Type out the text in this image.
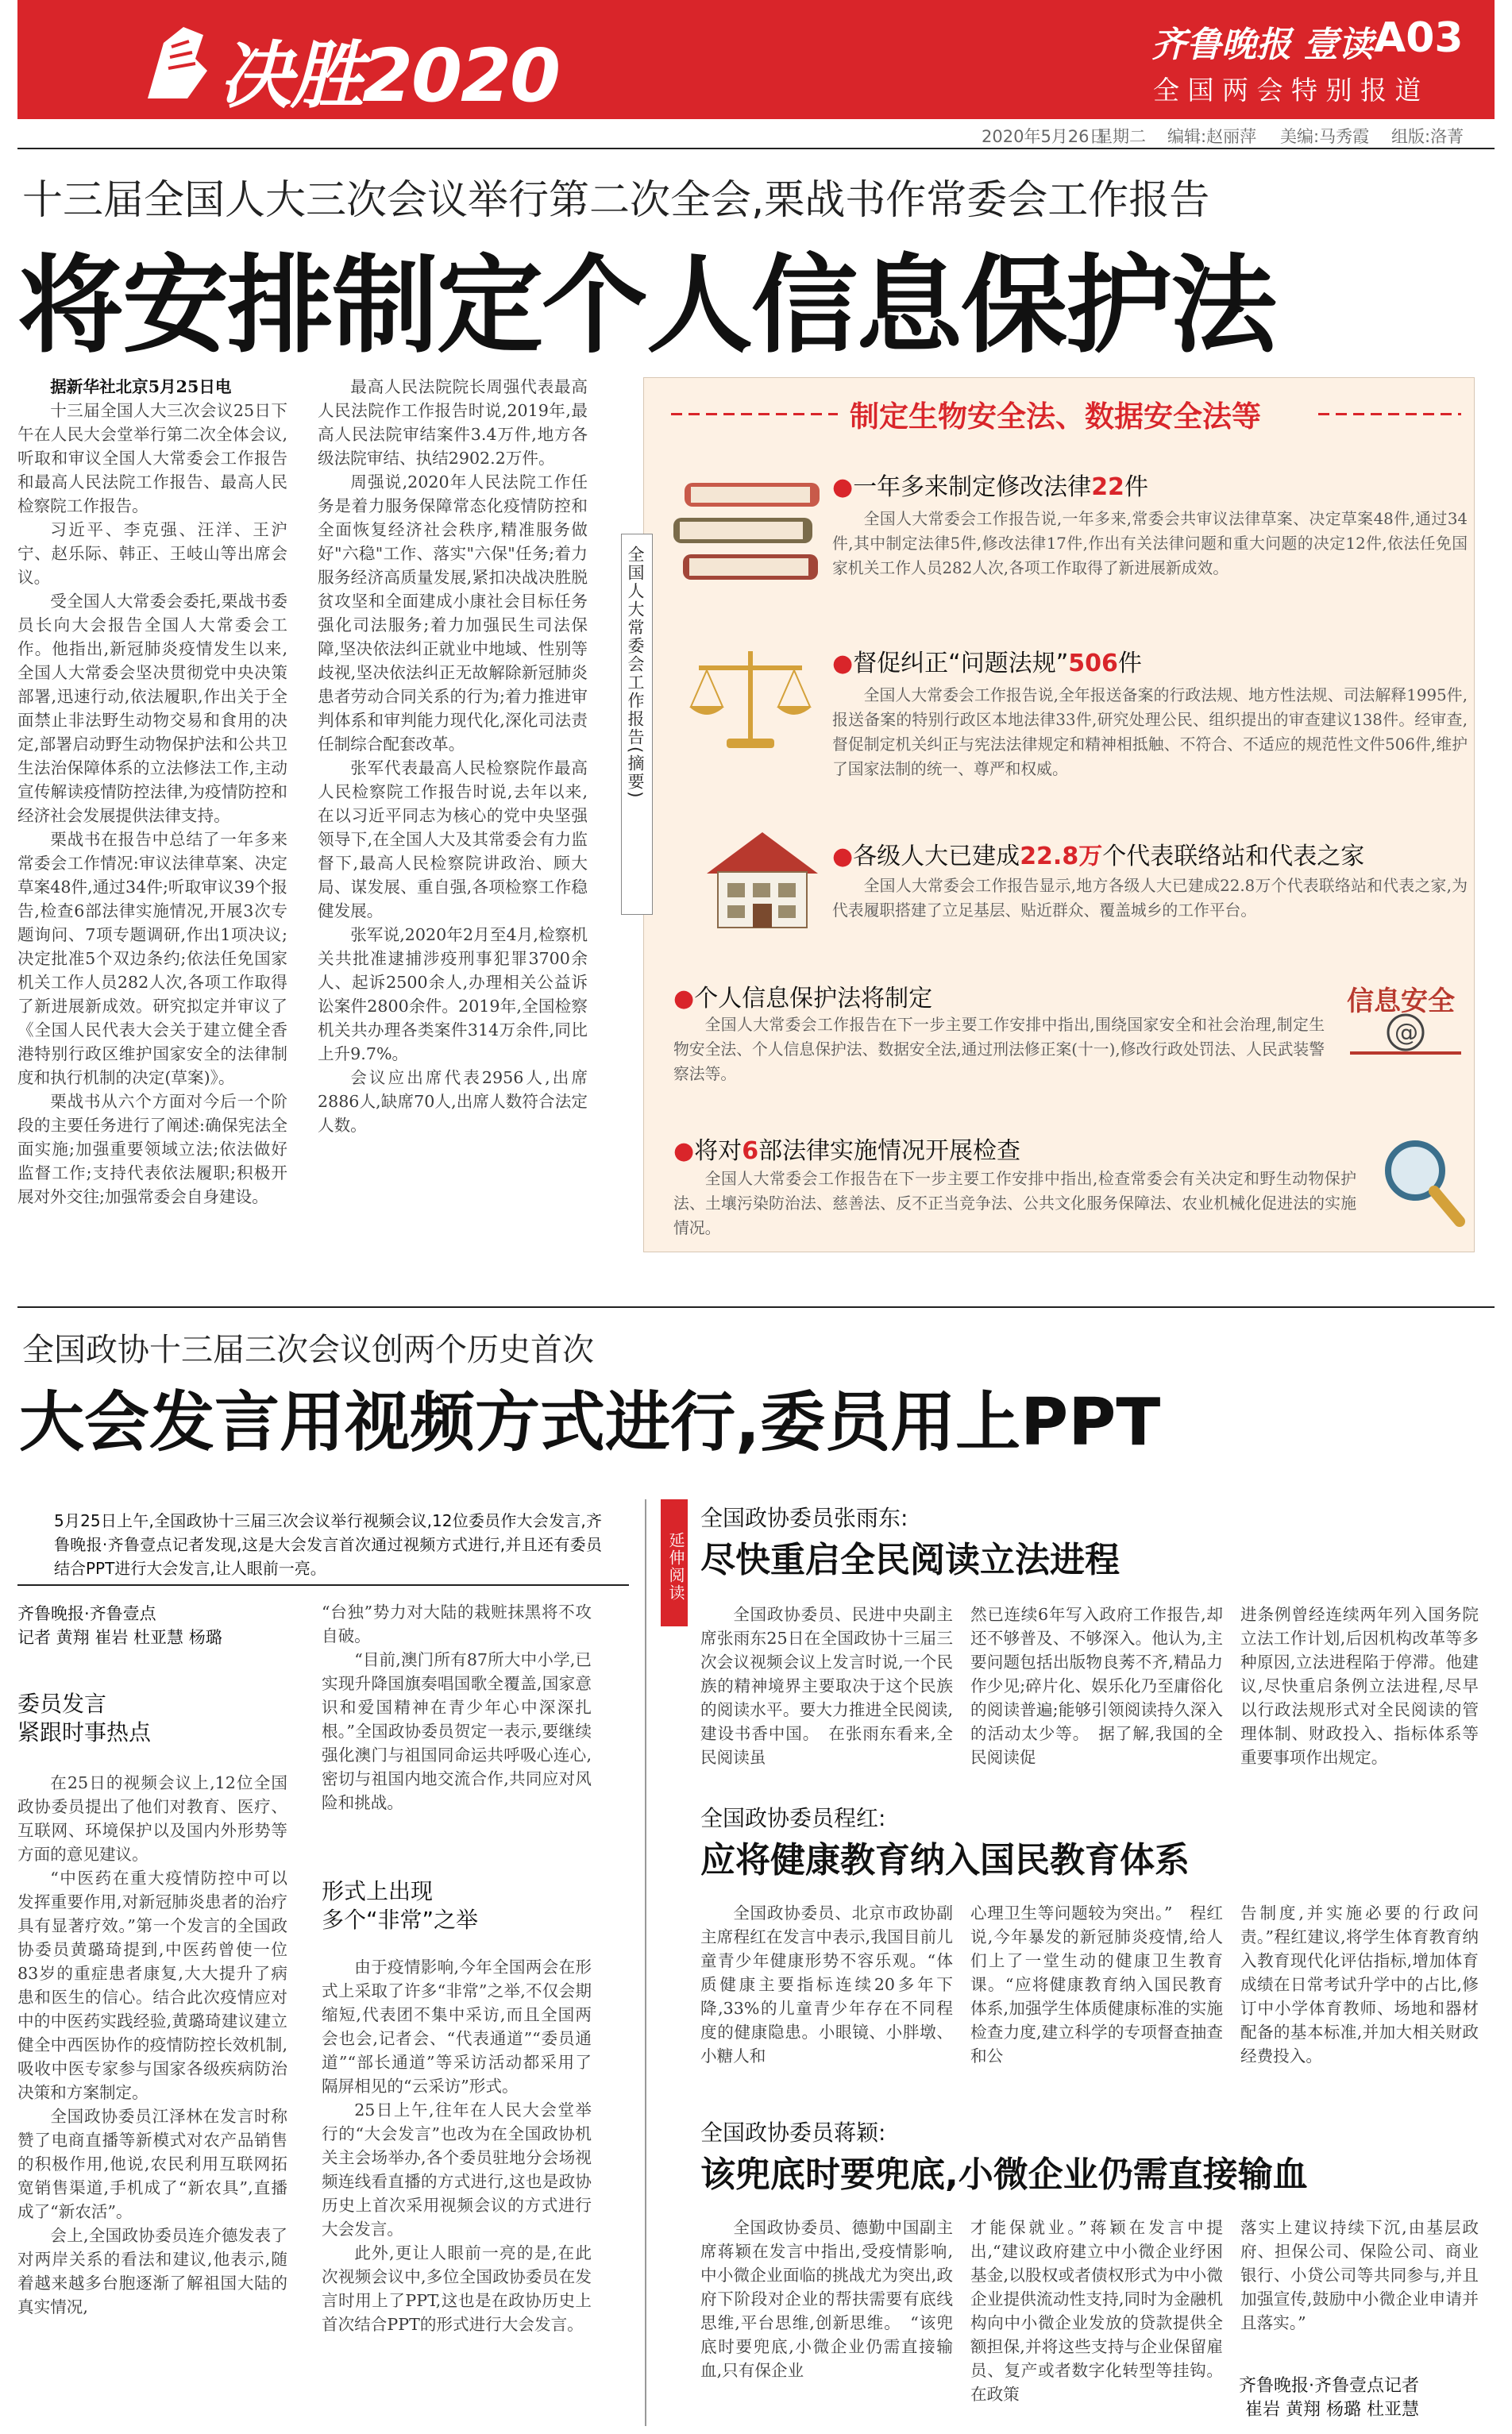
决胜2020	齐鲁晚报 壹读 A03
全 国 两 会 特 别 报 道
2020年5月26日
星期二 编辑:赵丽萍 美编:马秀霞 组版:洛菁
十三届全国人大三次会议举行第二次全会,栗战书作常委会工作报告
将安排制定个人信息保护法
据新华社北京5月25日电

十三届全国人大三次会议25日下午在人民大会堂举行第二次全体会议,听取和审议全国人大常委会工作报告和最高人民法院工作报告、最高人民检察院工作报告。

习近平、李克强、汪洋、王沪宁、赵乐际、韩正、王岐山等出席会议。

受全国人大常委会委托,栗战书委员长向大会报告全国人大常委会工作。他指出,新冠肺炎疫情发生以来,全国人大常委会坚决贯彻党中央决策部署,迅速行动,依法履职,作出关于全面禁止非法野生动物交易和食用的决定,部署启动野生动物保护法和公共卫生法治保障体系的立法修法工作,主动宣传解读疫情防控法律,为疫情防控和经济社会发展提供法律支持。

栗战书在报告中总结了一年多来常委会工作情况:审议法律草案、决定草案48件,通过34件;听取审议39个报告,检查6部法律实施情况,开展3次专题询问、7项专题调研,作出1项决议;决定批准5个双边条约;依法任免国家机关工作人员282人次,各项工作取得了新进展新成效。研究拟定并审议了《全国人民代表大会关于建立健全香港特别行政区维护国家安全的法律制度和执行机制的决定(草案)》。

栗战书从六个方面对今后一个阶段的主要任务进行了阐述:确保宪法全面实施;加强重要领域立法;依法做好监督工作;支持代表依法履职;积极开展对外交往;加强常委会自身建设。

最高人民法院院长周强代表最高人民法院作工作报告时说,2019年,最高人民法院审结案件3.4万件,地方各级法院审结、执结2902.2万件。

周强说,2020年人民法院工作任务是着力服务保障常态化疫情防控和全面恢复经济社会秩序,精准服务做好"六稳"工作、落实"六保"任务;着力服务经济高质量发展,紧扣决战决胜脱贫攻坚和全面建成小康社会目标任务强化司法服务;着力加强民生司法保障,坚决依法纠正就业中地域、性别等歧视,坚决依法纠正无故解除新冠肺炎患者劳动合同关系的行为;着力推进审判体系和审判能力现代化,深化司法责任制综合配套改革。

张军代表最高人民检察院作最高人民检察院工作报告时说,去年以来,在以习近平同志为核心的党中央坚强领导下,在全国人大及其常委会有力监督下,最高人民检察院讲政治、顾大局、谋发展、重自强,各项检察工作稳健发展。

张军说,2020年2月至4月,检察机关共批准逮捕涉疫刑事犯罪3700余人、起诉2500余人,办理相关公益诉讼案件2800余件。2019年,全国检察机关共办理各类案件314万余件,同比上升9.7%。

会议应出席代表2956人,出席2886人,缺席70人,出席人数符合法定人数。

全国人大常委会工作报告(摘要)
制定生物安全法、数据安全法等
●一年多来制定修改法律22件
全国人大常委会工作报告说,一年多来,常委会共审议法律草案、决定草案48件,通过34件,其中制定法律5件,修改法律17件,作出有关法律问题和重大问题的决定12件,依法任免国家机关工作人员282人次,各项工作取得了新进展新成效。
●督促纠正“问题法规”506件
全国人大常委会工作报告说,全年报送备案的行政法规、地方性法规、司法解释1995件,报送备案的特别行政区本地法律33件,研究处理公民、组织提出的审查建议138件。经审查,督促制定机关纠正与宪法法律规定和精神相抵触、不符合、不适应的规范性文件506件,维护了国家法制的统一、尊严和权威。
●各级人大已建成22.8万个代表联络站和代表之家
全国人大常委会工作报告显示,地方各级人大已建成22.8万个代表联络站和代表之家,为代表履职搭建了立足基层、贴近群众、覆盖城乡的工作平台。
●个人信息保护法将制定
全国人大常委会工作报告在下一步主要工作安排中指出,围绕国家安全和社会治理,制定生物安全法、个人信息保护法、数据安全法,通过刑法修正案(十一),修改行政处罚法、人民武装警察法等。
信息安全
@
●将对6部法律实施情况开展检查
全国人大常委会工作报告在下一步主要工作安排中指出,检查常委会有关决定和野生动物保护法、土壤污染防治法、慈善法、反不正当竞争法、公共文化服务保障法、农业机械化促进法的实施情况。
全国政协十三届三次会议创两个历史首次
大会发言用视频方式进行,委员用上PPT
5月25日上午,全国政协十三届三次会议举行视频会议,12位委员作大会发言,齐鲁晚报·齐鲁壹点记者发现,这是大会发言首次通过视频方式进行,并且还有委员结合PPT进行大会发言,让人眼前一亮。
齐鲁晚报·齐鲁壹点
记者 黄翔 崔岩 杜亚慧 杨璐
委员发言
紧跟时事热点

在25日的视频会议上,12位全国政协委员提出了他们对教育、医疗、互联网、环境保护以及国内外形势等方面的意见建议。

“中医药在重大疫情防控中可以发挥重要作用,对新冠肺炎患者的治疗具有显著疗效。”第一个发言的全国政协委员黄璐琦提到,中医药曾使一位83岁的重症患者康复,大大提升了病患和医生的信心。结合此次疫情应对中的中医药实践经验,黄璐琦建议建立健全中西医协作的疫情防控长效机制,吸收中医专家参与国家各级疾病防治决策和方案制定。

全国政协委员江泽林在发言时称赞了电商直播等新模式对农产品销售的积极作用,他说,农民利用互联网拓宽销售渠道,手机成了“新农具”,直播成了“新农活”。

会上,全国政协委员连介德发表了对两岸关系的看法和建议,他表示,随着越来越多台胞逐渐了解祖国大陆的真实情况,

“台独”势力对大陆的栽赃抹黑将不攻自破。

“目前,澳门所有87所大中小学,已实现升降国旗奏唱国歌全覆盖,国家意识和爱国精神在青少年心中深深扎根。”全国政协委员贺定一表示,要继续强化澳门与祖国同命运共呼吸心连心,密切与祖国内地交流合作,共同应对风险和挑战。

形式上出现
多个“非常”之举

由于疫情影响,今年全国两会在形式上采取了许多“非常”之举,不仅会期缩短,代表团不集中采访,而且全国两会也会,记者会、“代表通道”“委员通道”“部长通道”等采访活动都采用了隔屏相见的“云采访”形式。

25日上午,往年在人民大会堂举行的“大会发言”也改为在全国政协机关主会场举办,各个委员驻地分会场视频连线看直播的方式进行,这也是政协历史上首次采用视频会议的方式进行大会发言。

此外,更让人眼前一亮的是,在此次视频会议中,多位全国政协委员在发言时用上了PPT,这也是在政协历史上首次结合PPT的形式进行大会发言。

延伸阅读
全国政协委员张雨东:
尽快重启全民阅读立法进程
全国政协委员、民进中央副主席张雨东25日在全国政协十三届三次会议视频会议上发言时说,一个民族的精神境界主要取决于这个民族的阅读水平。要大力推进全民阅读,建设书香中国。　在张雨东看来,全民阅读虽
然已连续6年写入政府工作报告,却还不够普及、不够深入。他认为,主要问题包括出版物良莠不齐,精品力作少见;碎片化、娱乐化乃至庸俗化的阅读普遍;能够引领阅读持久深入的活动太少等。　据了解,我国的全民阅读促
进条例曾经连续两年列入国务院立法工作计划,后因机构改革等多种原因,立法进程陷于停滞。他建议,尽快重启条例立法进程,尽早以行政法规形式对全民阅读的管理体制、财政投入、指标体系等重要事项作出规定。
全国政协委员程红:
应将健康教育纳入国民教育体系
全国政协委员、北京市政协副主席程红在发言中表示,我国目前儿童青少年健康形势不容乐观。“体质健康主要指标连续20多年下降,33%的儿童青少年存在不同程度的健康隐患。小眼镜、小胖墩、小糖人和
心理卫生等问题较为突出。”　程红说,今年暴发的新冠肺炎疫情,给人们上了一堂生动的健康卫生教育课。“应将健康教育纳入国民教育体系,加强学生体质健康标准的实施检查力度,建立科学的专项督查抽查和公
告制度,并实施必要的行政问责。”程红建议,将学生体育教育纳入教育现代化评估指标,增加体育成绩在日常考试升学中的占比,修订中小学体育教师、场地和器材配备的基本标准,并加大相关财政经费投入。
全国政协委员蒋颖:
该兜底时要兜底,小微企业仍需直接输血
全国政协委员、德勤中国副主席蒋颖在发言中指出,受疫情影响,中小微企业面临的挑战尤为突出,政府下阶段对企业的帮扶需要有底线思维,平台思维,创新思维。　“该兜底时要兜底,小微企业仍需直接输血,只有保企业
才能保就业。”蒋颖在发言中提出,“建议政府建立中小微企业纾困基金,以股权或者债权形式为中小微企业提供流动性支持,同时为金融机构向中小微企业发放的贷款提供全额担保,并将这些支持与企业保留雇员、复产或者数字化转型等挂钩。在政策
落实上建议持续下沉,由基层政府、担保公司、保险公司、商业银行、小贷公司等共同参与,并且加强宣传,鼓励中小微企业申请并且落实。”
齐鲁晚报·齐鲁壹点记者
崔岩 黄翔 杨璐 杜亚慧
